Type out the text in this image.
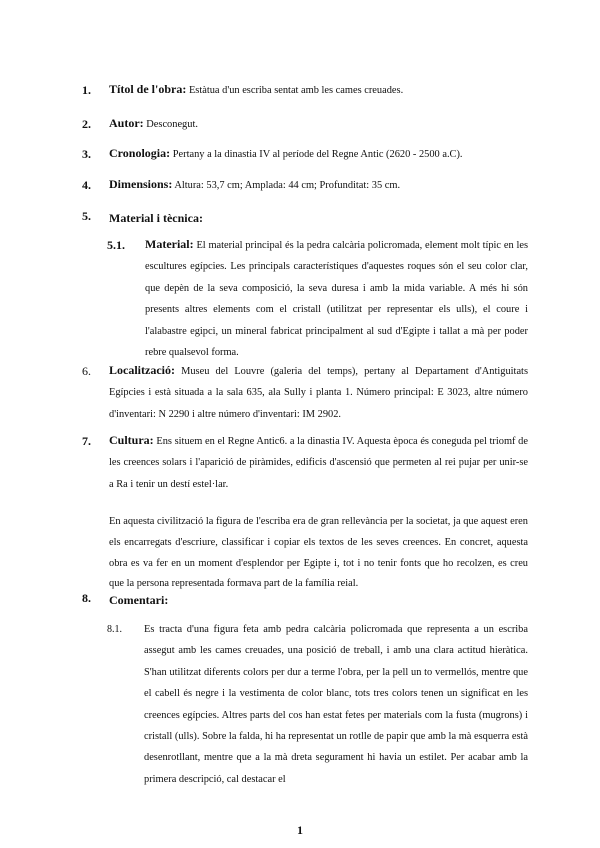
1. Títol de l'obra: Estàtua d'un escriba sentat amb les cames creuades.
2. Autor: Desconegut.
3. Cronologia: Pertany a la dinastia IV al període del Regne Antic (2620 - 2500 a.C).
4. Dimensions: Altura: 53,7 cm; Amplada: 44 cm; Profunditat: 35 cm.
5. Material i tècnica:
5.1. Material: El material principal és la pedra calcària policromada, element molt típic en les escultures egípcies. Les principals característiques d'aquestes roques són el seu color clar, que depèn de la seva composició, la seva duresa i amb la mida variable. A més hi són presents altres elements com el cristall (utilitzat per representar els ulls), el coure i l'alabastre egipci, un mineral fabricat principalment al sud d'Egipte i tallat a mà per poder rebre qualsevol forma.
6. Localització: Museu del Louvre (galeria del temps), pertany al Departament d'Antiguitats Egípcies i està situada a la sala 635, ala Sully i planta 1. Número principal: E 3023, altre número d'inventari: N 2290 i altre número d'inventari: IM 2902.
7. Cultura: Ens situem en el Regne Antic6. a la dinastia IV. Aquesta època és coneguda pel triomf de les creences solars i l'aparició de piràmides, edificis d'ascensió que permeten al rei pujar per unir-se a Ra i tenir un destí estel·lar.
En aquesta civilització la figura de l'escriba era de gran rellevància per la societat, ja que aquest eren els encarregats d'escriure, classificar i copiar els textos de les seves creences. En concret, aquesta obra es va fer en un moment d'esplendor per Egipte i, tot i no tenir fonts que ho recolzen, es creu que la persona representada formava part de la família reial.
8. Comentari:
8.1. Es tracta d'una figura feta amb pedra calcària policromada que representa a un escriba assegut amb les cames creuades, una posició de treball, i amb una clara actitud hieràtica. S'han utilitzat diferents colors per dur a terme l'obra, per la pell un to vermellós, mentre que el cabell és negre i la vestimenta de color blanc, tots tres colors tenen un significat en les creences egípcies. Altres parts del cos han estat fetes per materials com la fusta (mugrons) i cristall (ulls). Sobre la falda, hi ha representat un rotlle de papir que amb la mà esquerra està desenrotllant, mentre que a la mà dreta segurament hi havia un estilet. Per acabar amb la primera descripció, cal destacar el
1
